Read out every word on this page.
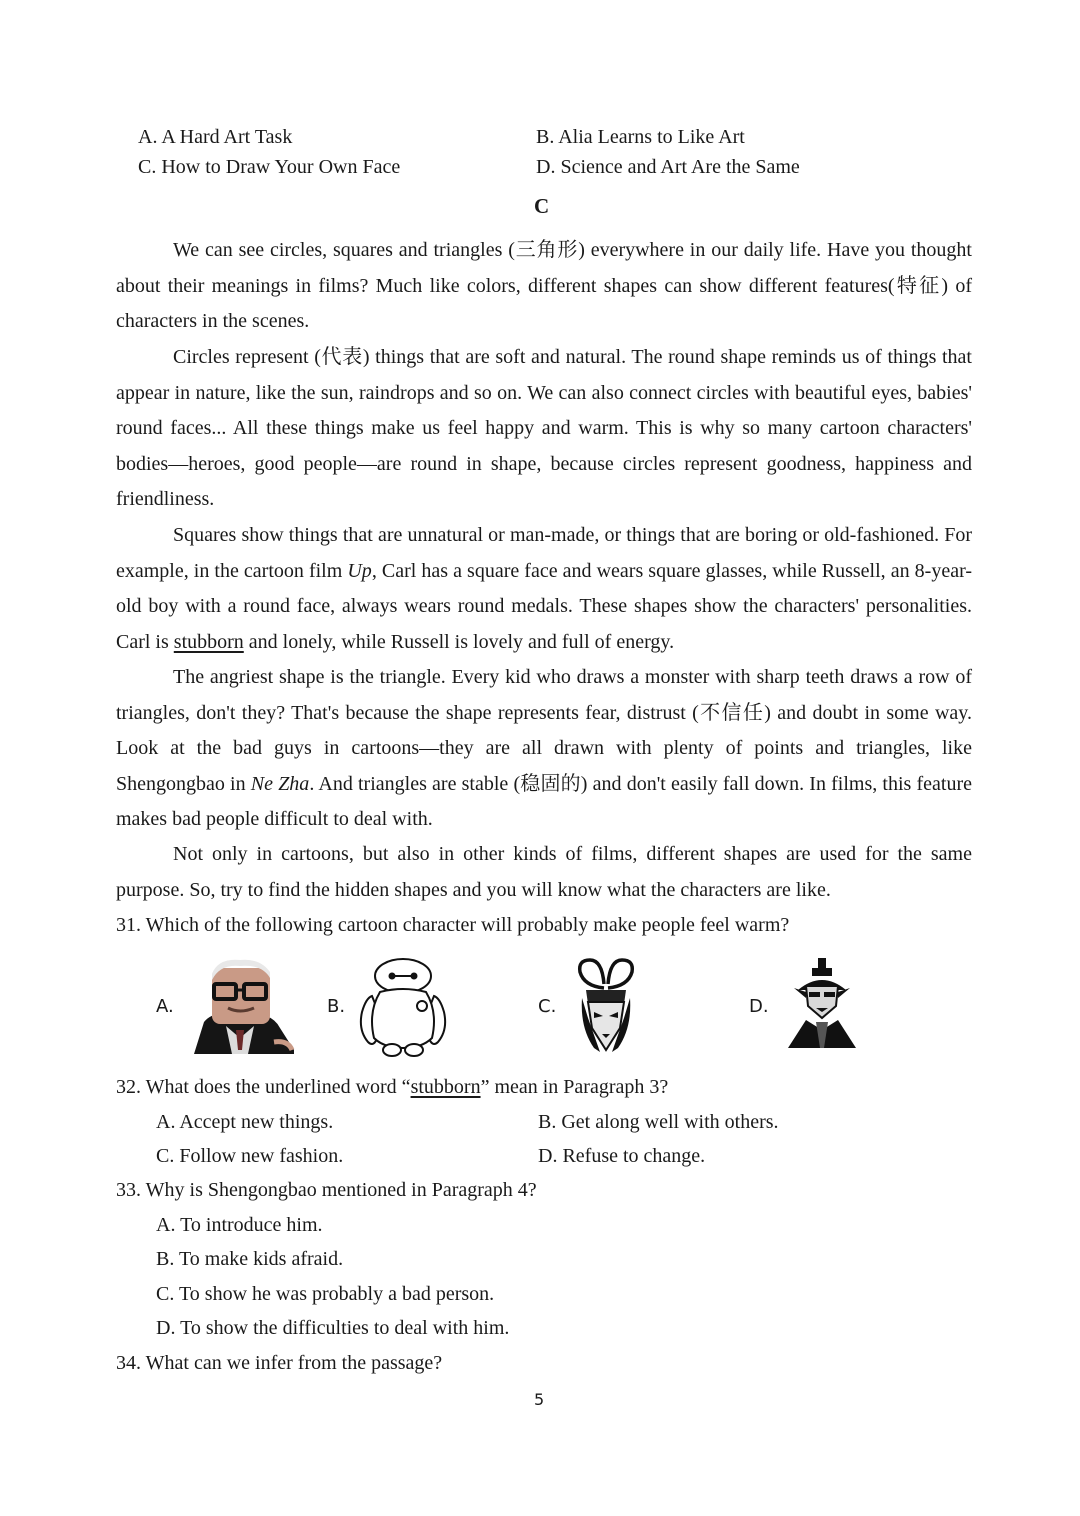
A. A Hard Art Task	B. Alia Learns to Like Art
C. How to Draw Your Own Face	D. Science and Art Are the Same
C
We can see circles, squares and triangles (三角形) everywhere in our daily life. Have you thought about their meanings in films? Much like colors, different shapes can show different features(特征) of characters in the scenes.
Circles represent (代表) things that are soft and natural. The round shape reminds us of things that appear in nature, like the sun, raindrops and so on. We can also connect circles with beautiful eyes, babies' round faces... All these things make us feel happy and warm. This is why so many cartoon characters' bodies—heroes, good people—are round in shape, because circles represent goodness, happiness and friendliness.
Squares show things that are unnatural or man-made, or things that are boring or old-fashioned. For example, in the cartoon film Up, Carl has a square face and wears square glasses, while Russell, an 8-year-old boy with a round face, always wears round medals. These shapes show the characters' personalities. Carl is stubborn and lonely, while Russell is lovely and full of energy.
The angriest shape is the triangle. Every kid who draws a monster with sharp teeth draws a row of triangles, don't they? That's because the shape represents fear, distrust (不信任) and doubt in some way. Look at the bad guys in cartoons—they are all drawn with plenty of points and triangles, like Shengongbao in Ne Zha. And triangles are stable (稳固的) and don't easily fall down. In films, this feature makes bad people difficult to deal with.
Not only in cartoons, but also in other kinds of films, different shapes are used for the same purpose. So, try to find the hidden shapes and you will know what the characters are like.
31. Which of the following cartoon character will probably make people feel warm?
A.	B.	C.	D.
32. What does the underlined word “stubborn” mean in Paragraph 3?
A. Accept new things.	B. Get along well with others.
C. Follow new fashion.	D. Refuse to change.
33. Why is Shengongbao mentioned in Paragraph 4?
A. To introduce him.
B. To make kids afraid.
C. To show he was probably a bad person.
D. To show the difficulties to deal with him.
34. What can we infer from the passage?
5
